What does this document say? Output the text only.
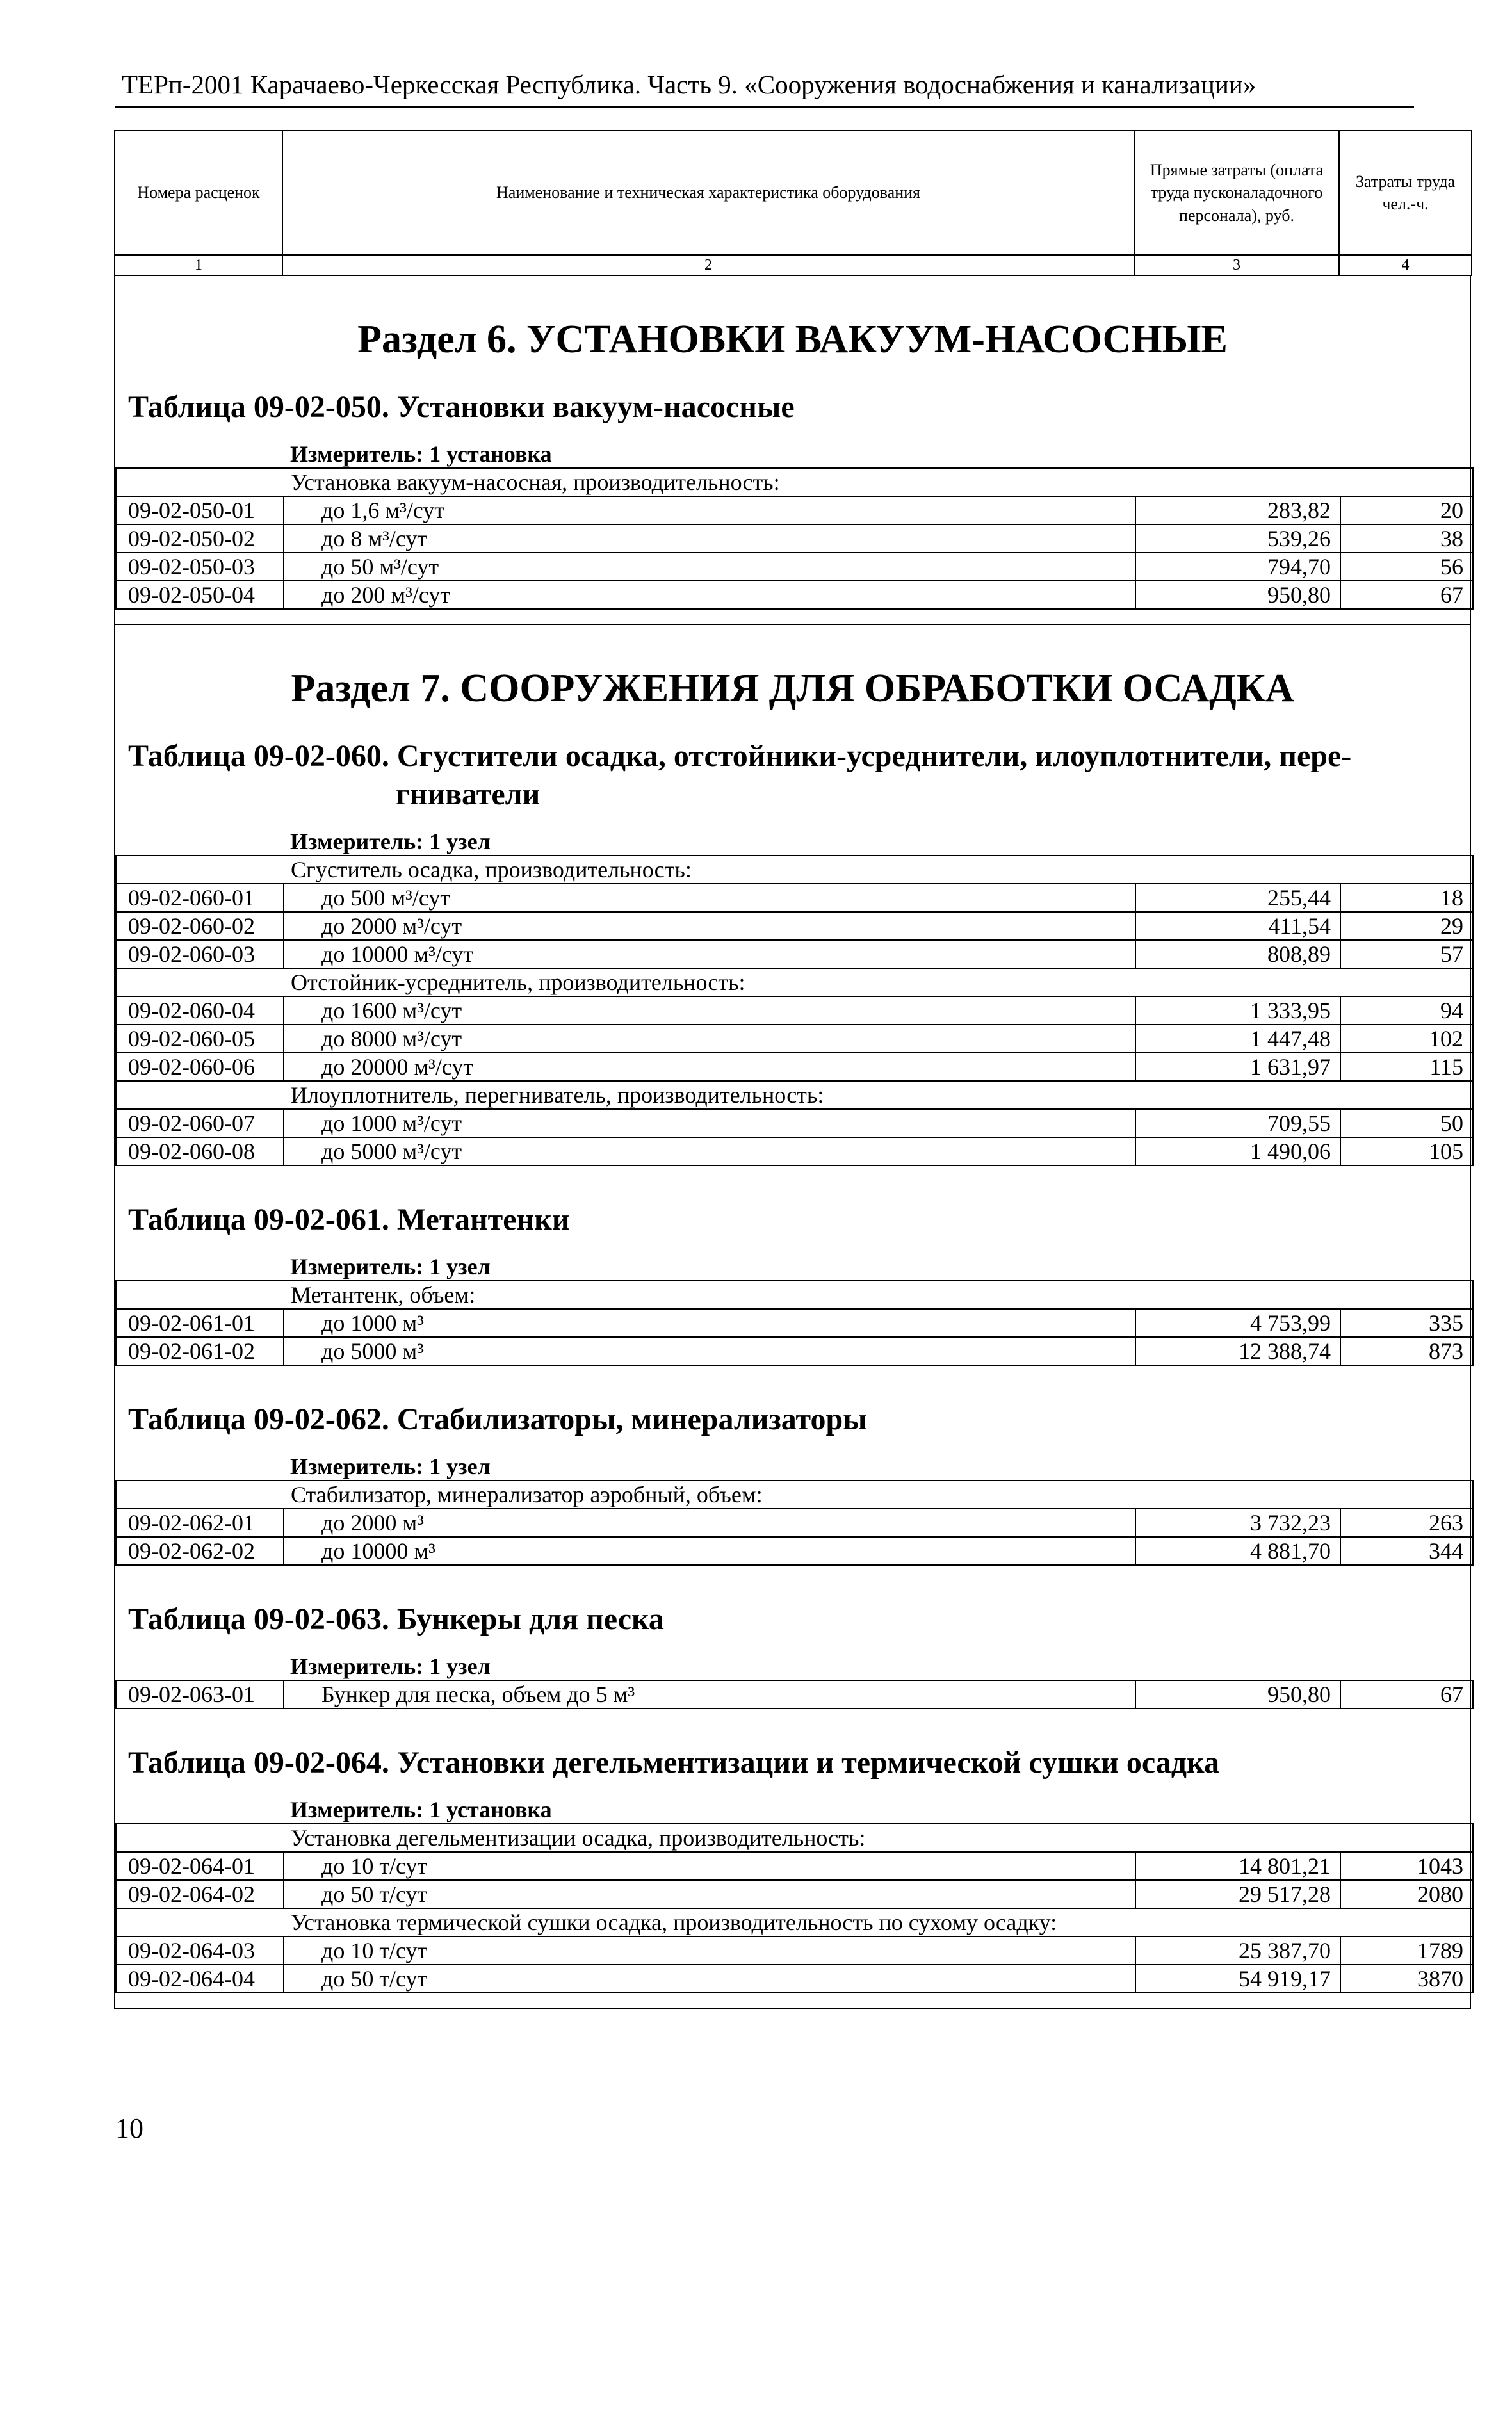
ТЕРп-2001 Карачаево-Черкесская Республика. Часть 9. «Сооружения водоснабжения и канализации»
Номера расценок	Наименование и техническая характеристика оборудования	Прямые затраты (оплата труда пусконаладочного персонала), руб.	Затраты труда чел.-ч.
1	2	3	4
Раздел 6. УСТАНОВКИ ВАКУУМ-НАСОСНЫЕ
Таблица 09-02-050. Установки вакуум-насосные
Измеритель: 1 установка			
Установка вакуум-насосная, производительность:			
09-02-050-01	до 1,6 м³/сут	283,82	20
09-02-050-02	до 8 м³/сут	539,26	38
09-02-050-03	до 50 м³/сут	794,70	56
09-02-050-04	до 200 м³/сут	950,80	67
Раздел 7. СООРУЖЕНИЯ ДЛЯ ОБРАБОТКИ ОСАДКА
Таблица 09-02-060. Сгустители осадка, отстойники-усреднители, илоуплотнители, пере-
гниватели
Измеритель: 1 узел			
Сгуститель осадка, производительность:			
09-02-060-01	до 500 м³/сут	255,44	18
09-02-060-02	до 2000 м³/сут	411,54	29
09-02-060-03	до 10000 м³/сут	808,89	57
Отстойник-усреднитель, производительность:			
09-02-060-04	до 1600 м³/сут	1 333,95	94
09-02-060-05	до 8000 м³/сут	1 447,48	102
09-02-060-06	до 20000 м³/сут	1 631,97	115
Илоуплотнитель, перегниватель, производительность:			
09-02-060-07	до 1000 м³/сут	709,55	50
09-02-060-08	до 5000 м³/сут	1 490,06	105
Таблица 09-02-061. Метантенки
Измеритель: 1 узел			
Метантенк, объем:			
09-02-061-01	до 1000 м³	4 753,99	335
09-02-061-02	до 5000 м³	12 388,74	873
Таблица 09-02-062. Стабилизаторы, минерализаторы
Измеритель: 1 узел			
Стабилизатор, минерализатор аэробный, объем:			
09-02-062-01	до 2000 м³	3 732,23	263
09-02-062-02	до 10000 м³	4 881,70	344
Таблица 09-02-063. Бункеры для песка
Измеритель: 1 узел
09-02-063-01	Бункер для песка, объем до 5 м³	950,80	67
Таблица 09-02-064. Установки дегельментизации и термической сушки осадка
Измеритель: 1 установка			
Установка дегельментизации осадка, производительность:			
09-02-064-01	до 10 т/сут	14 801,21	1043
09-02-064-02	до 50 т/сут	29 517,28	2080
Установка термической сушки осадка, производительность по сухому осадку:			
09-02-064-03	до 10 т/сут	25 387,70	1789
09-02-064-04	до 50 т/сут	54 919,17	3870
10
